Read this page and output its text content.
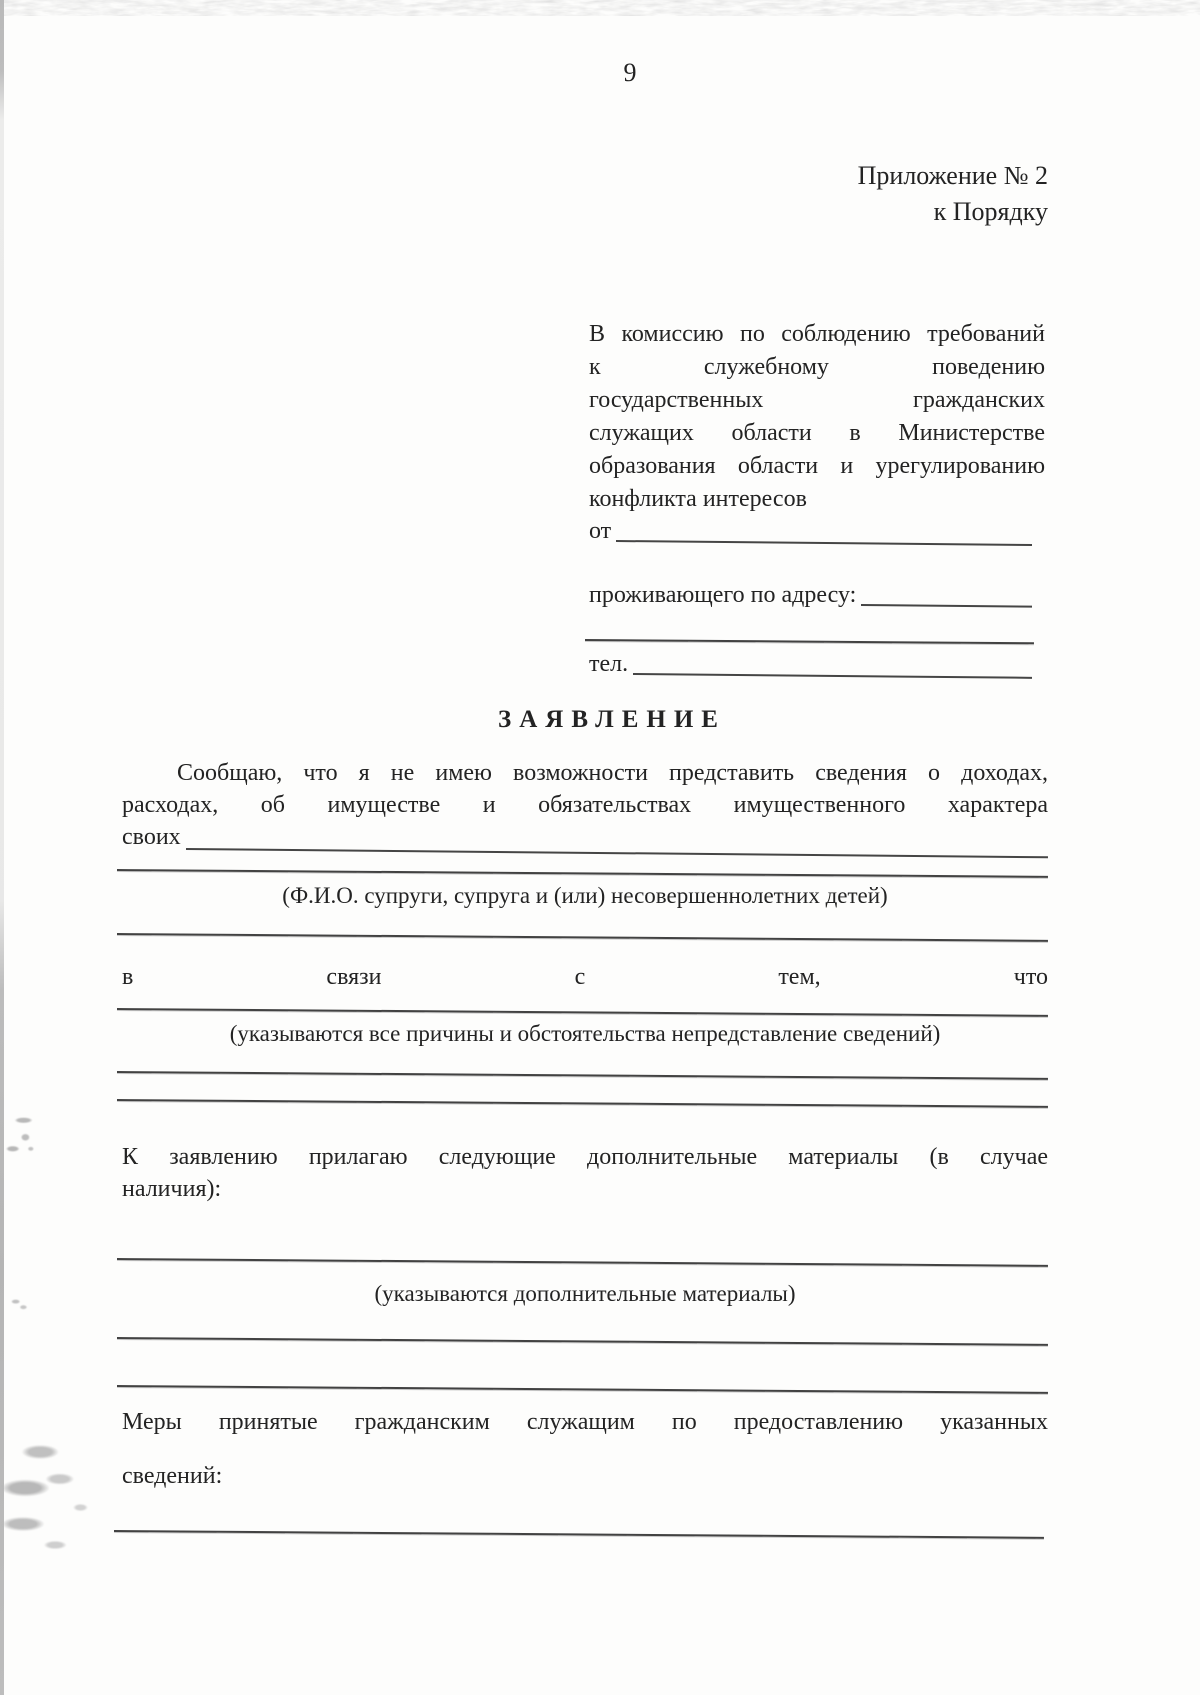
9
Приложение № 2
к Порядку
В комиссию по соблюдению требований
к служебному поведению
государственных гражданских
служащих области в Министерстве
образования области и урегулированию
конфликта интересов
от
проживающего по адресу:
тел.
ЗАЯВЛЕНИЕ
Сообщаю, что я не имею возможности представить сведения о доходах,
расходах, об имуществе и обязательствах имущественного характера
своих
(Ф.И.О. супруги, супруга и (или) несовершеннолетних детей)
в связи с тем, что
(указываются все причины и обстоятельства непредставление сведений)
К заявлению прилагаю следующие дополнительные материалы (в случае
наличия):
(указываются дополнительные материалы)
Меры принятые гражданским служащим по предоставлению указанных
сведений:
